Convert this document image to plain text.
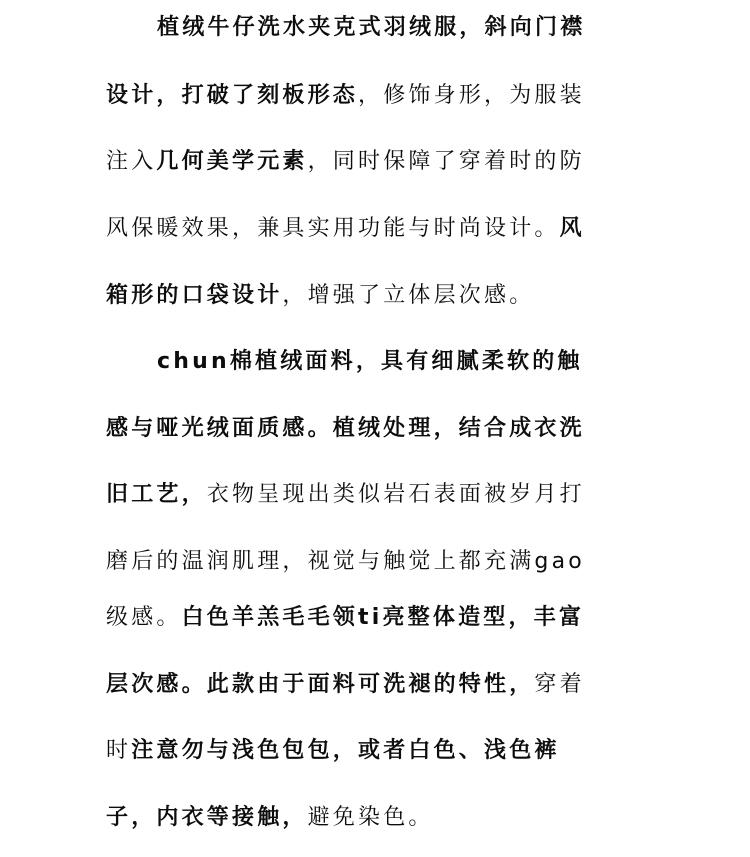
植绒牛仔洗水夹克式羽绒服，斜向门襟
设计，打破了刻板形态，修饰身形，为服装
注入几何美学元素，同时保障了穿着时的防
风保暖效果，兼具实用功能与时尚设计。风
箱形的口袋设计，增强了立体层次感。
chun棉植绒面料，具有细腻柔软的触
感与哑光绒面质感。植绒处理，结合成衣洗
旧工艺，衣物呈现出类似岩石表面被岁月打
磨后的温润肌理，视觉与触觉上都充满gao
级感。白色羊羔毛毛领ti亮整体造型，丰富
层次感。此款由于面料可洗褪的特性，穿着
时注意勿与浅色包包，或者白色、浅色裤
子，内衣等接触，避免染色。
